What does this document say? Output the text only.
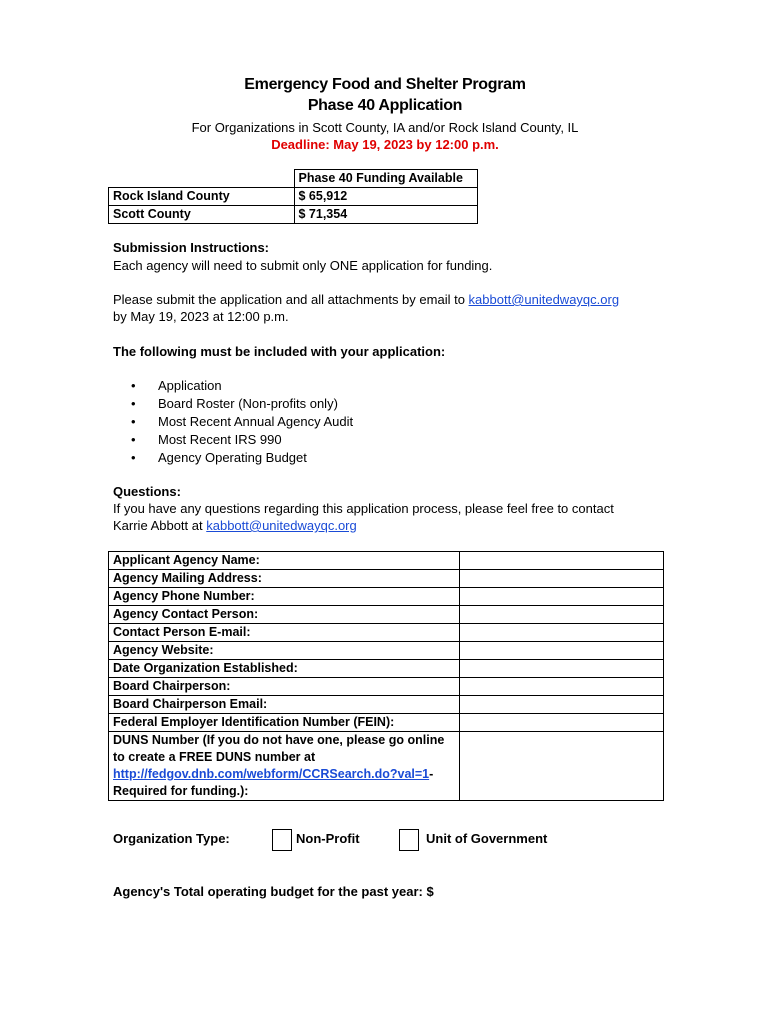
Emergency Food and Shelter Program
Phase 40 Application
For Organizations in Scott County, IA and/or Rock Island County, IL
Deadline: May 19, 2023 by 12:00 p.m.
	Phase 40 Funding Available
Rock Island County	$ 65,912
Scott County	$ 71,354
Submission Instructions:
Each agency will need to submit only ONE application for funding.
Please submit the application and all attachments by email to kabbott@unitedwayqc.org
by May 19, 2023 at 12:00 p.m.
The following must be included with your application:
• Application
• Board Roster (Non-profits only)
• Most Recent Annual Agency Audit
• Most Recent IRS 990
• Agency Operating Budget
Questions:
If you have any questions regarding this application process, please feel free to contact
Karrie Abbott at kabbott@unitedwayqc.org
Applicant Agency Name:	
Agency Mailing Address:	
Agency Phone Number:	
Agency Contact Person:	
Contact Person E-mail:	
Agency Website:	
Date Organization Established:	
Board Chairperson:	
Board Chairperson Email:	
Federal Employer Identification Number (FEIN):	

DUNS Number (If you do not have one, please go online
to create a FREE DUNS number at
http://fedgov.dnb.com/webform/CCRSearch.do?val=1-
Required for funding.):	

Organization Type:	Non-Profit	Unit of Government
Agency's Total operating budget for the past year: $
